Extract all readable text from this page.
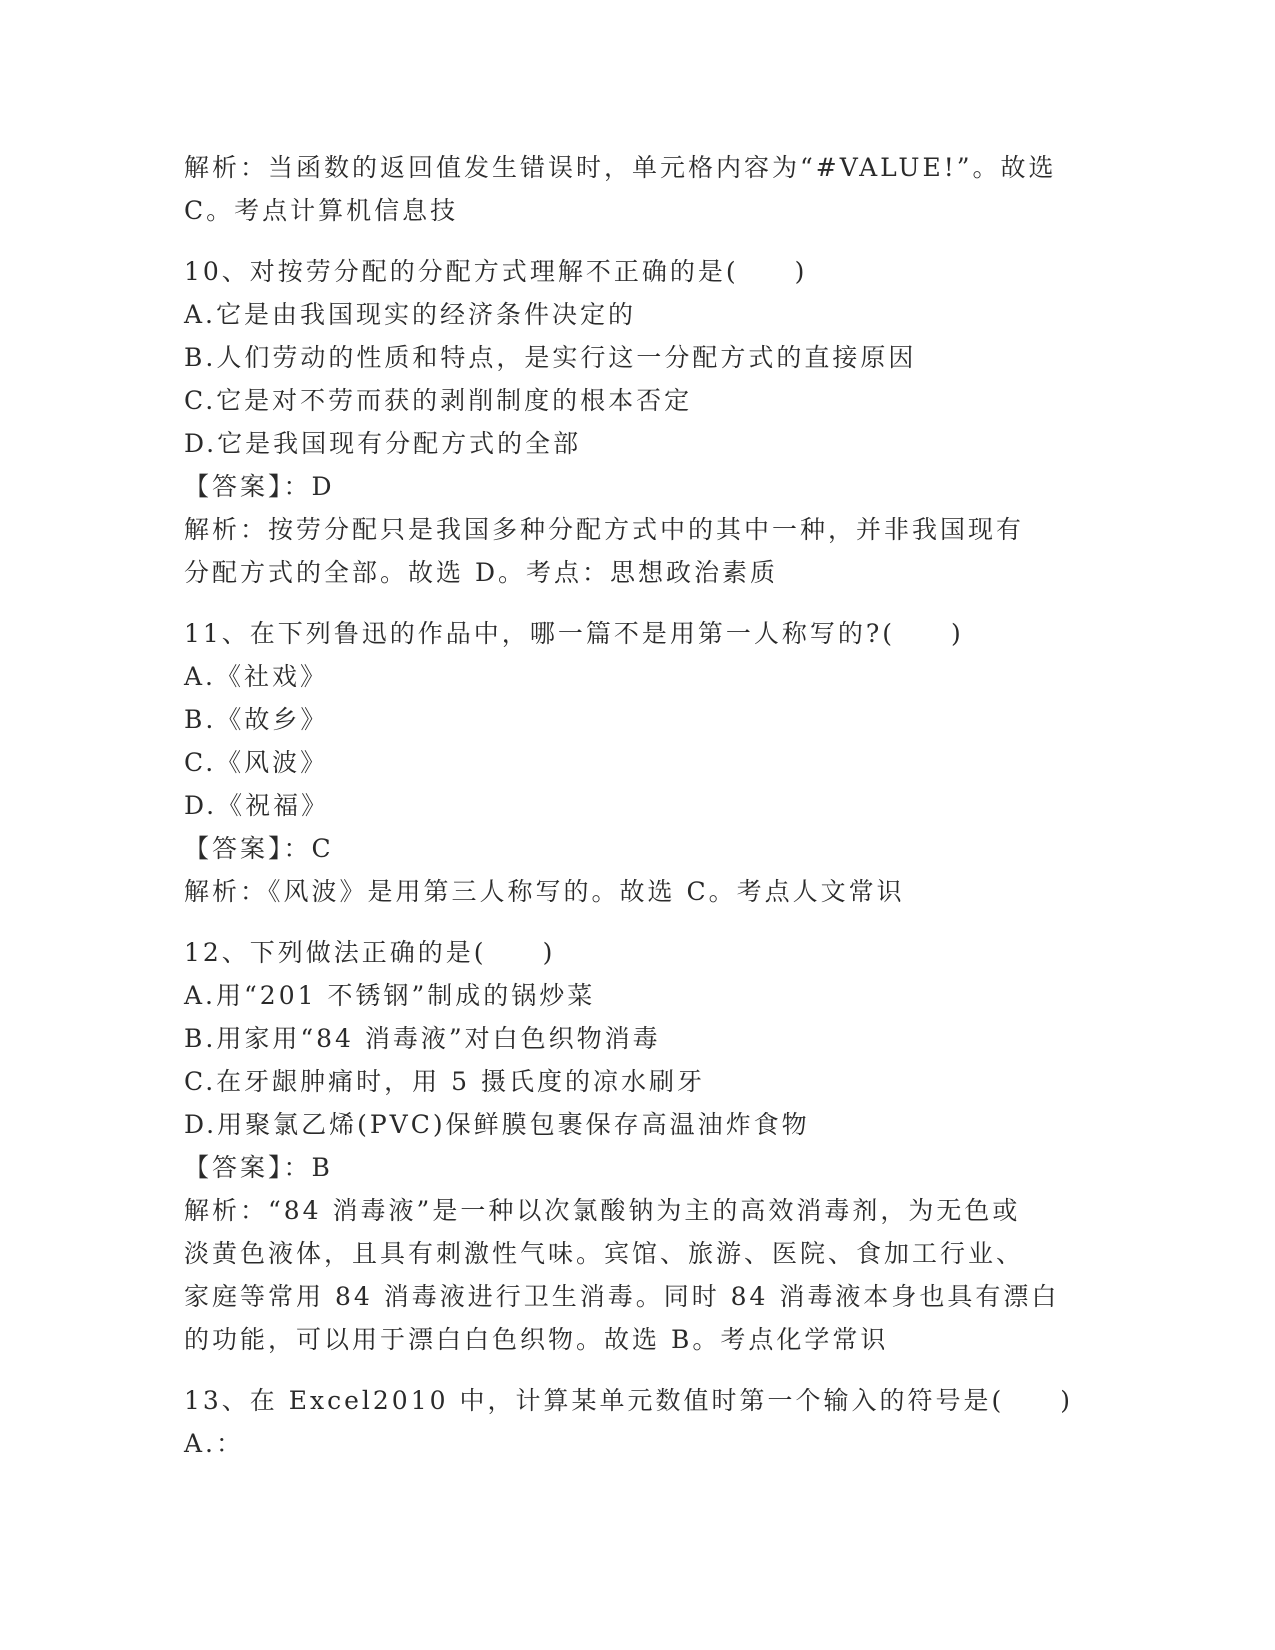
解析：当函数的返回值发生错误时，单元格内容为“#VALUE!”。故选
C。考点计算机信息技
10、对按劳分配的分配方式理解不正确的是(　　)
A.它是由我国现实的经济条件决定的
B.人们劳动的性质和特点，是实行这一分配方式的直接原因
C.它是对不劳而获的剥削制度的根本否定
D.它是我国现有分配方式的全部
【答案】：D
解析：按劳分配只是我国多种分配方式中的其中一种，并非我国现有
分配方式的全部。故选 D。考点：思想政治素质
11、在下列鲁迅的作品中，哪一篇不是用第一人称写的?(　　)
A.《社戏》
B.《故乡》
C.《风波》
D.《祝福》
【答案】：C
解析：《风波》是用第三人称写的。故选 C。考点人文常识
12、下列做法正确的是(　　)
A.用“201 不锈钢”制成的锅炒菜
B.用家用“84 消毒液”对白色织物消毒
C.在牙龈肿痛时，用 5 摄氏度的凉水刷牙
D.用聚氯乙烯(PVC)保鲜膜包裹保存高温油炸食物
【答案】：B
解析：“84 消毒液”是一种以次氯酸钠为主的高效消毒剂，为无色或
淡黄色液体，且具有刺激性气味。宾馆、旅游、医院、食加工行业、
家庭等常用 84 消毒液进行卫生消毒。同时 84 消毒液本身也具有漂白
的功能，可以用于漂白白色织物。故选 B。考点化学常识
13、在 Excel2010 中，计算某单元数值时第一个输入的符号是(　　)
A.：
